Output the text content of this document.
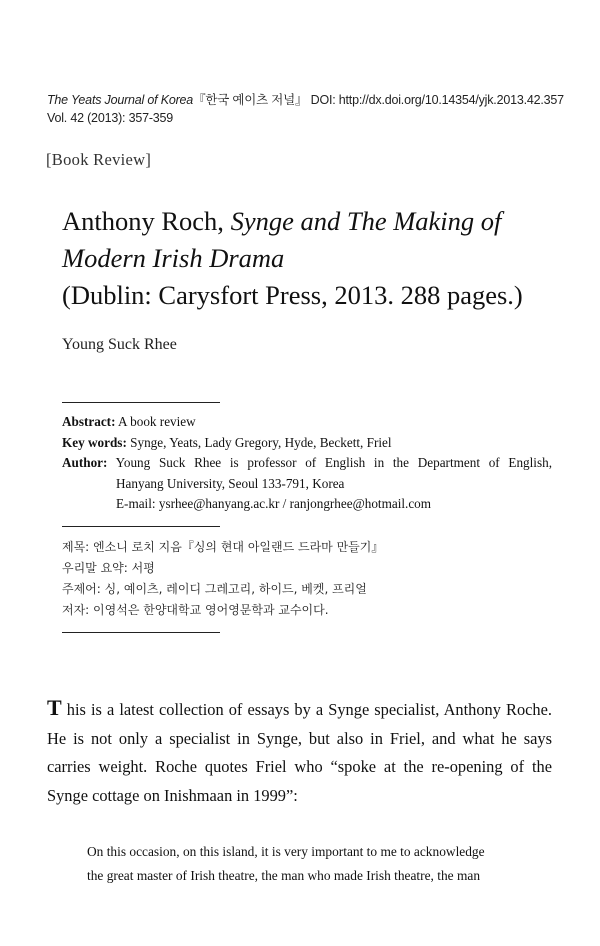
The Yeats Journal of Korea『한국 예이츠 저널』 DOI: http://dx.doi.org/10.14354/yjk.2013.42.357
Vol. 42 (2013): 357-359
[Book Review]
Anthony Roch, Synge and The Making of
Modern Irish Drama
(Dublin: Carysfort Press, 2013. 288 pages.)
Young Suck Rhee
Abstract: A book review
Key words: Synge, Yeats, Lady Gregory, Hyde, Beckett, Friel
Author: Young Suck Rhee is professor of English in the Department of English,
Hanyang University, Seoul 133-791, Korea
E-mail: ysrhee@hanyang.ac.kr / ranjongrhee@hotmail.com
제목: 엔소니 로치 지음『싱의 현대 아일랜드 드라마 만들기』
우리말 요약: 서평
주제어: 싱, 예이츠, 레이디 그레고리, 하이드, 베켓, 프리얼
저자: 이영석은 한양대학교 영어영문학과 교수이다.
T his is a latest collection of essays by a Synge specialist, Anthony Roche. He is not only a specialist in Synge, but also in Friel, and what he says carries weight. Roche quotes Friel who “spoke at the re-opening of the Synge cottage on Inishmaan in 1999”:
On this occasion, on this island, it is very important to me to acknowledge
the great master of Irish theatre, the man who made Irish theatre, the man
